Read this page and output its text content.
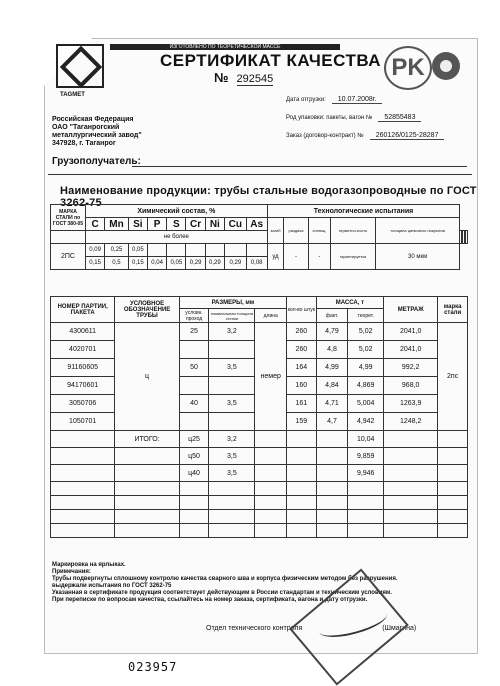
TAGMET
ИЗГОТОВЛЕНО ПО ТЕОРЕТИЧЕСКОЙ МАССЕ
СЕРТИФИКАТ КАЧЕСТВА
№ 292545	PK
Российская Федерация
ОАО "Таганрогский
металлургический завод"
347928, г. Таганрог
Дата отгрузки: 10.07.2008г.
Род упаковки: пакеты, вагон № 52855483
Заказ (договор-контракт) № 260126/0125-28287
Грузополучатель:
Наименование продукции: трубы стальные водогазопроводные по ГОСТ 3262-75
МАРКА СТАЛИ по ГОСТ 380-05	Химический состав, %									Технологические испытания							
	C	Mn	Si	P	S	Cr	Ni	Cu	As	загиб	раздача	сплющ.	герметич-ность	толщина цинкового покрытия			

	не более																
2ПС	0,09	0,25	0,05							уд	-	-	гарантируется	30 мкм			
	0,15	0,5	0,15	0,04	0,05	0,29	0,29	0,29	0,08								
НОМЕР ПАРТИИ, ПАКЕТА	УСЛОВНОЕ ОБОЗНАЧЕНИЕ ТРУБЫ	РАЗМЕРЫ, мм			кол-во штук	МАССА, т		МЕТРАЖ	марка стали
		условн. проход	номинальная толщина стенки	длина		факт.	теорет.		
4300611	ц	25	3,2	немер	260	4,79	5,02	2041,0	2пс
4020701					260	4,8	5,02	2041,0	
91160605		50	3,5		164	4,99	4,99	992,2	
94170601					160	4,84	4,869	968,0	
3050706		40	3,5		161	4,71	5,004	1263,9	
1050701					159	4,7	4,942	1248,2	
	ИТОГО:	ц25	3,2				10,04		
		ц50	3,5				9,859		
		ц40	3,5				9,946		

Маркировка на ярлыках.
Примечания:
Трубы подвергнуты сплошному контролю качества сварного шва и корпуса физическим методом без разрушения.
выдержали испытания по ГОСТ 3262-75
Указанная в сертификате продукция соответствует действующим в России стандартам и техническим условиям.
При переписке по вопросам качества, ссылайтесь на номер заказа, сертификата, вагона и дату отгрузки.
Отдел технического контроля	(Шмагина)
023957
